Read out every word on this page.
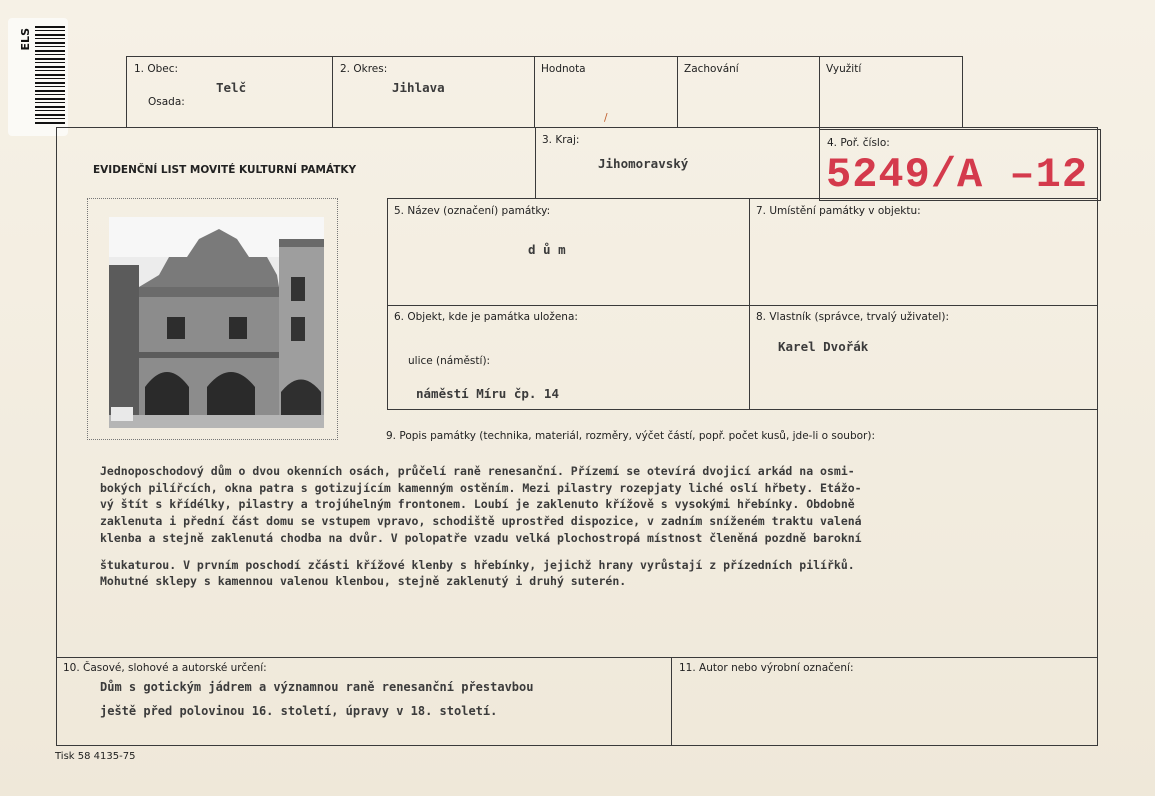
ELS
1. Obec:
Telč
Osada:
2. Okres:
Jihlava
Hodnota
/
Zachování	Využití
EVIDENČNÍ LIST MOVITÉ KULTURNÍ PAMÁTKY
3. Kraj:
Jihomoravský
4. Poř. číslo:
5249/A –12
5. Název (označení) památky:
d ů m
7. Umístění památky v objektu:
6. Objekt, kde je památka uložena:
ulice (náměstí):
náměstí Míru čp. 14
8. Vlastník (správce, trvalý uživatel):
Karel Dvořák
9. Popis památky (technika, materiál, rozměry, výčet částí, popř. počet kusů, jde-li o soubor):

Jednoposchodový dům o dvou okenních osách, průčelí raně renesanční. Přízemí se otevírá dvojicí arkád na osmi-

bokých pilířcích, okna patra s gotizujícím kamenným ostěním. Mezi pilastry rozepjaty liché oslí hřbety. Etážo-

vý štít s křídélky, pilastry a trojúhelným frontonem. Loubí je zaklenuto křížově s vysokými hřebínky. Obdobně

zaklenuta i přední část domu se vstupem vpravo, schodiště uprostřed dispozice, v zadním sníženém traktu valená

klenba a stejně zaklenutá chodba na dvůr. V polopatře vzadu velká plochostropá místnost členěná pozdně barokní

štukaturou. V prvním poschodí zčásti křížové klenby s hřebínky, jejichž hrany vyrůstají z přízedních pilířků.

Mohutné sklepy s kamennou valenou klenbou, stejně zaklenutý i druhý suterén.

10. Časové, slohové a autorské určení:
Dům s gotickým jádrem a významnou raně renesanční přestavbou
ještě před polovinou 16. století, úpravy v 18. století.
11. Autor nebo výrobní označení:
Tisk 58 4135-75
